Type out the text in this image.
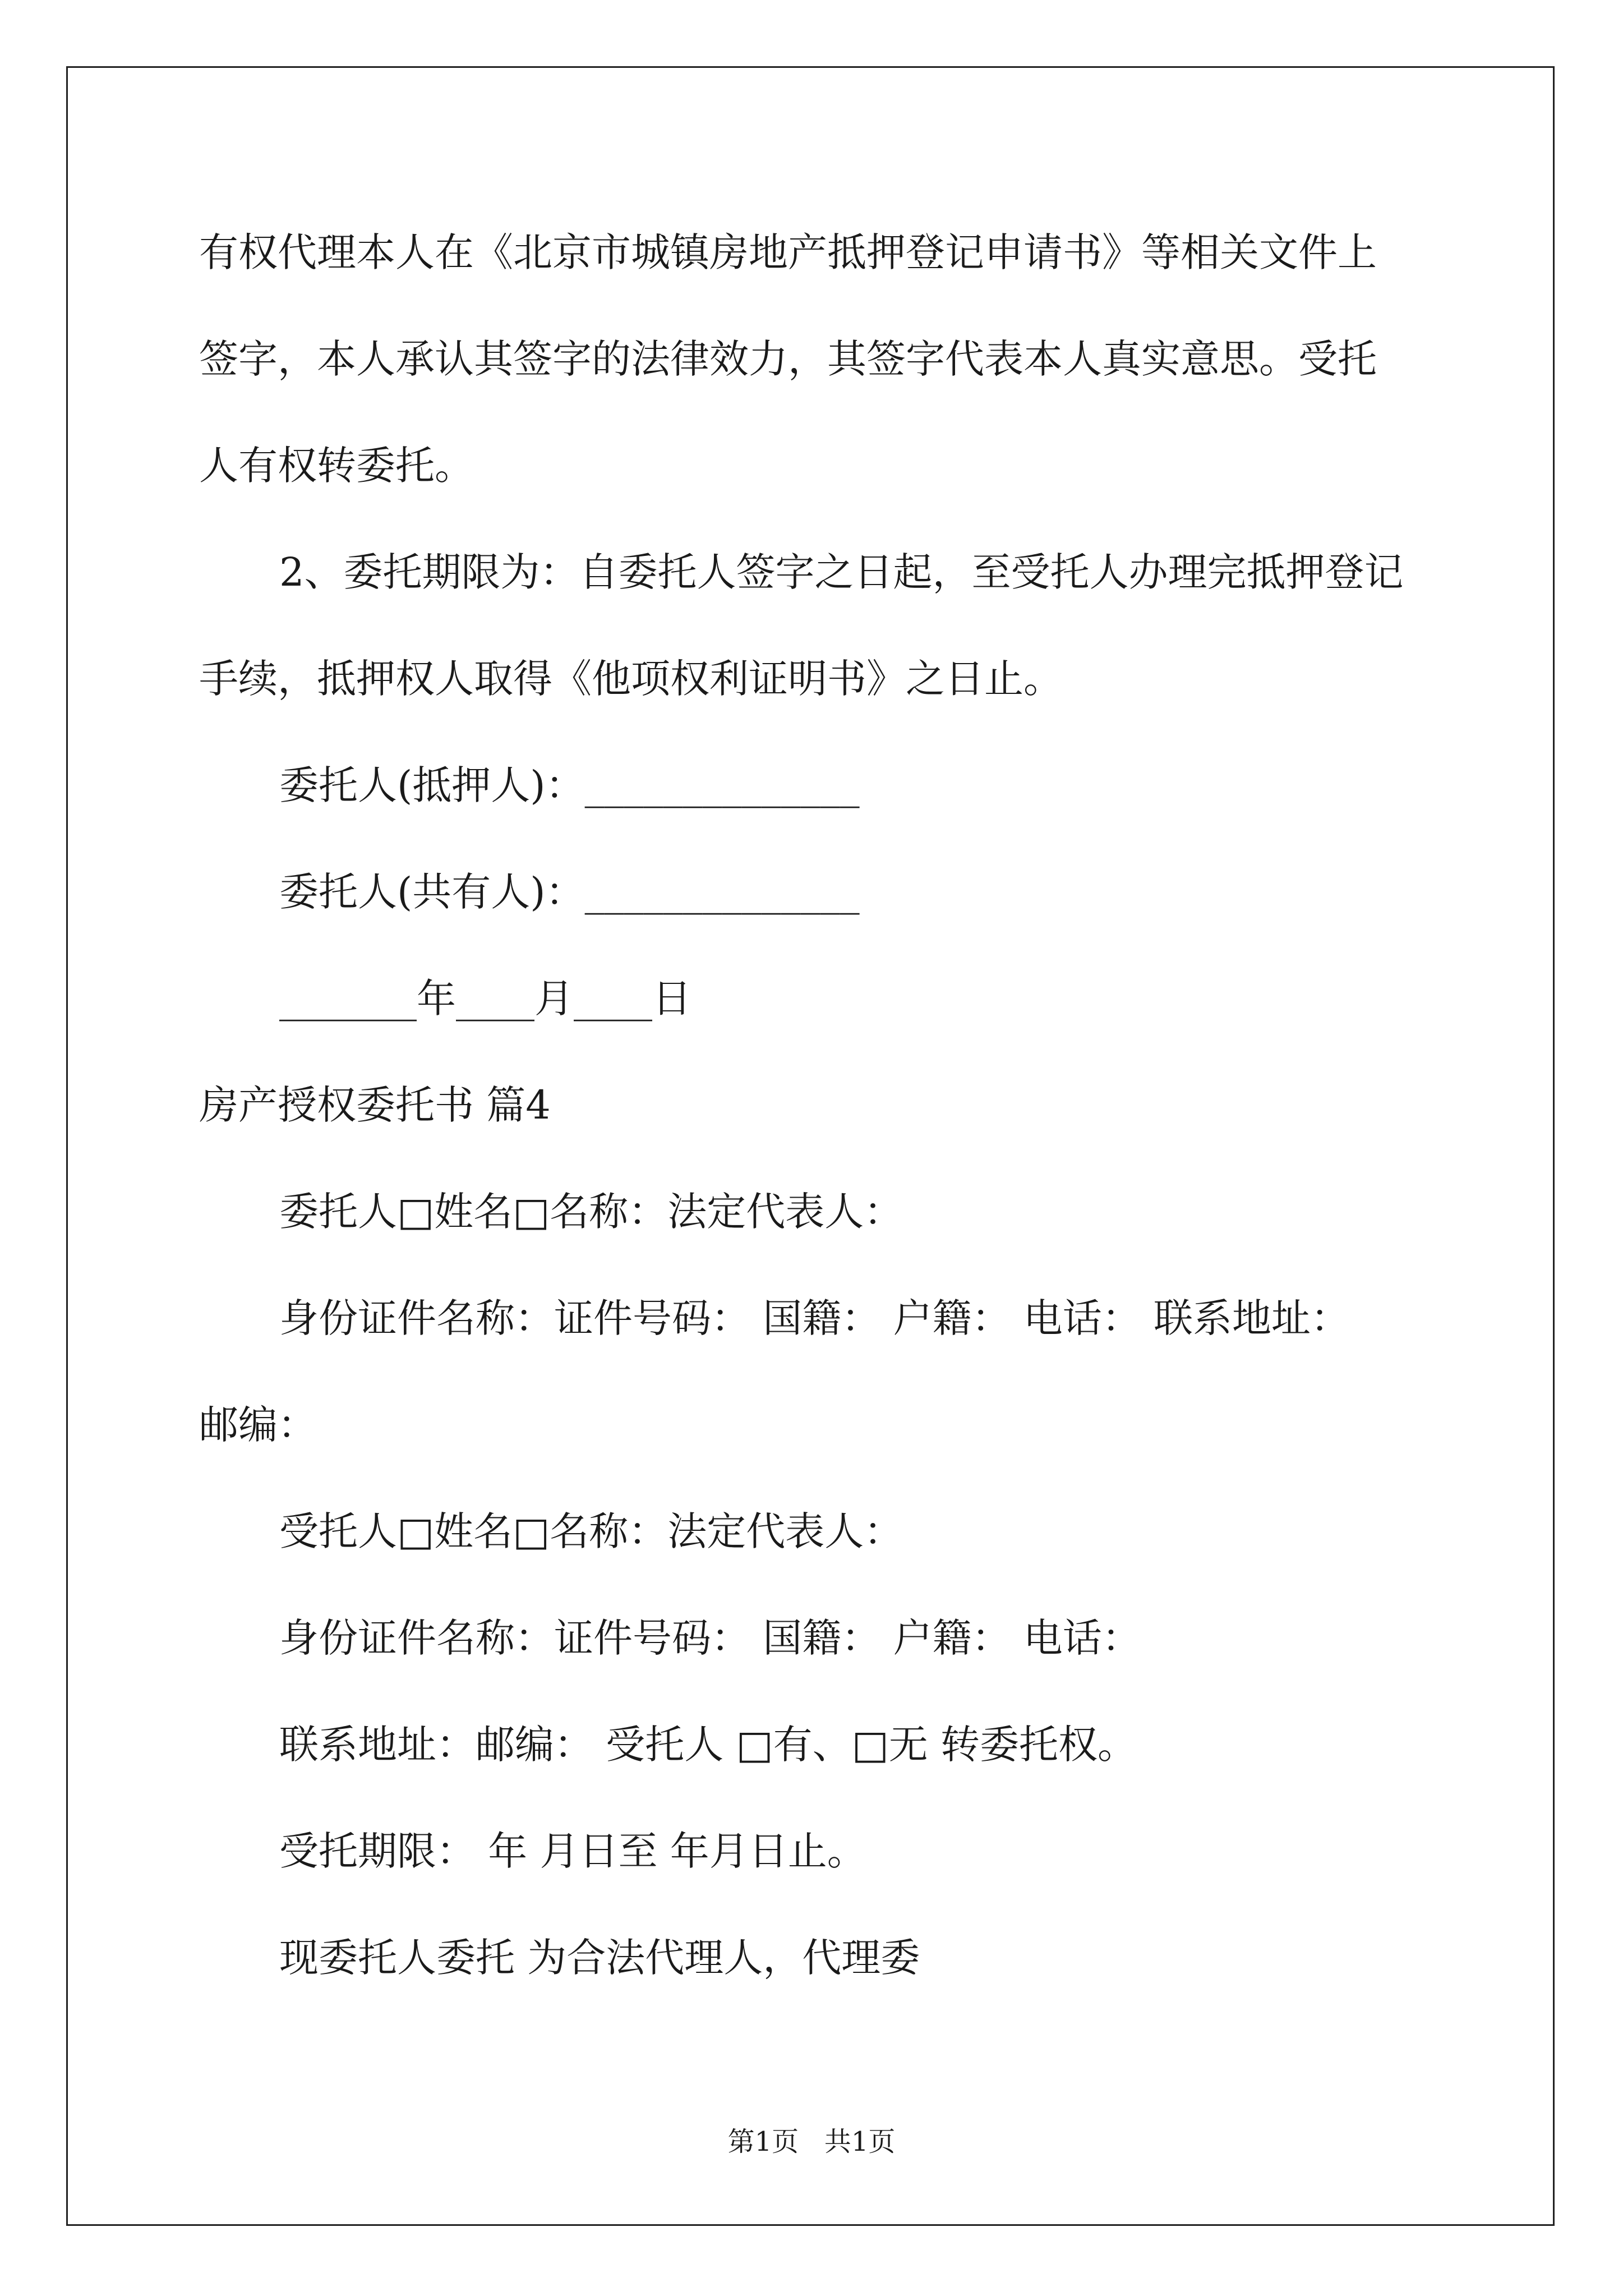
有权代理本人在《北京市城镇房地产抵押登记申请书》等相关文件上
签字，本人承认其签字的法律效力，其签字代表本人真实意思。受托
人有权转委托。
2、委托期限为：自委托人签字之日起，至受托人办理完抵押登记
手续，抵押权人取得《他项权利证明书》之日止。
委托人(抵押人)：______________
委托人(共有人)：______________
_______年____月____日
房产授权委托书 篇4
委托人□姓名□名称：法定代表人：
身份证件名称：证件号码： 国籍： 户籍： 电话： 联系地址：
邮编：
受托人□姓名□名称：法定代表人：
身份证件名称：证件号码： 国籍： 户籍： 电话：
联系地址：邮编： 受托人 □有、□无 转委托权。
受托期限： 年 月日至 年月日止。
现委托人委托 为合法代理人，代理委
第1页   共1页
